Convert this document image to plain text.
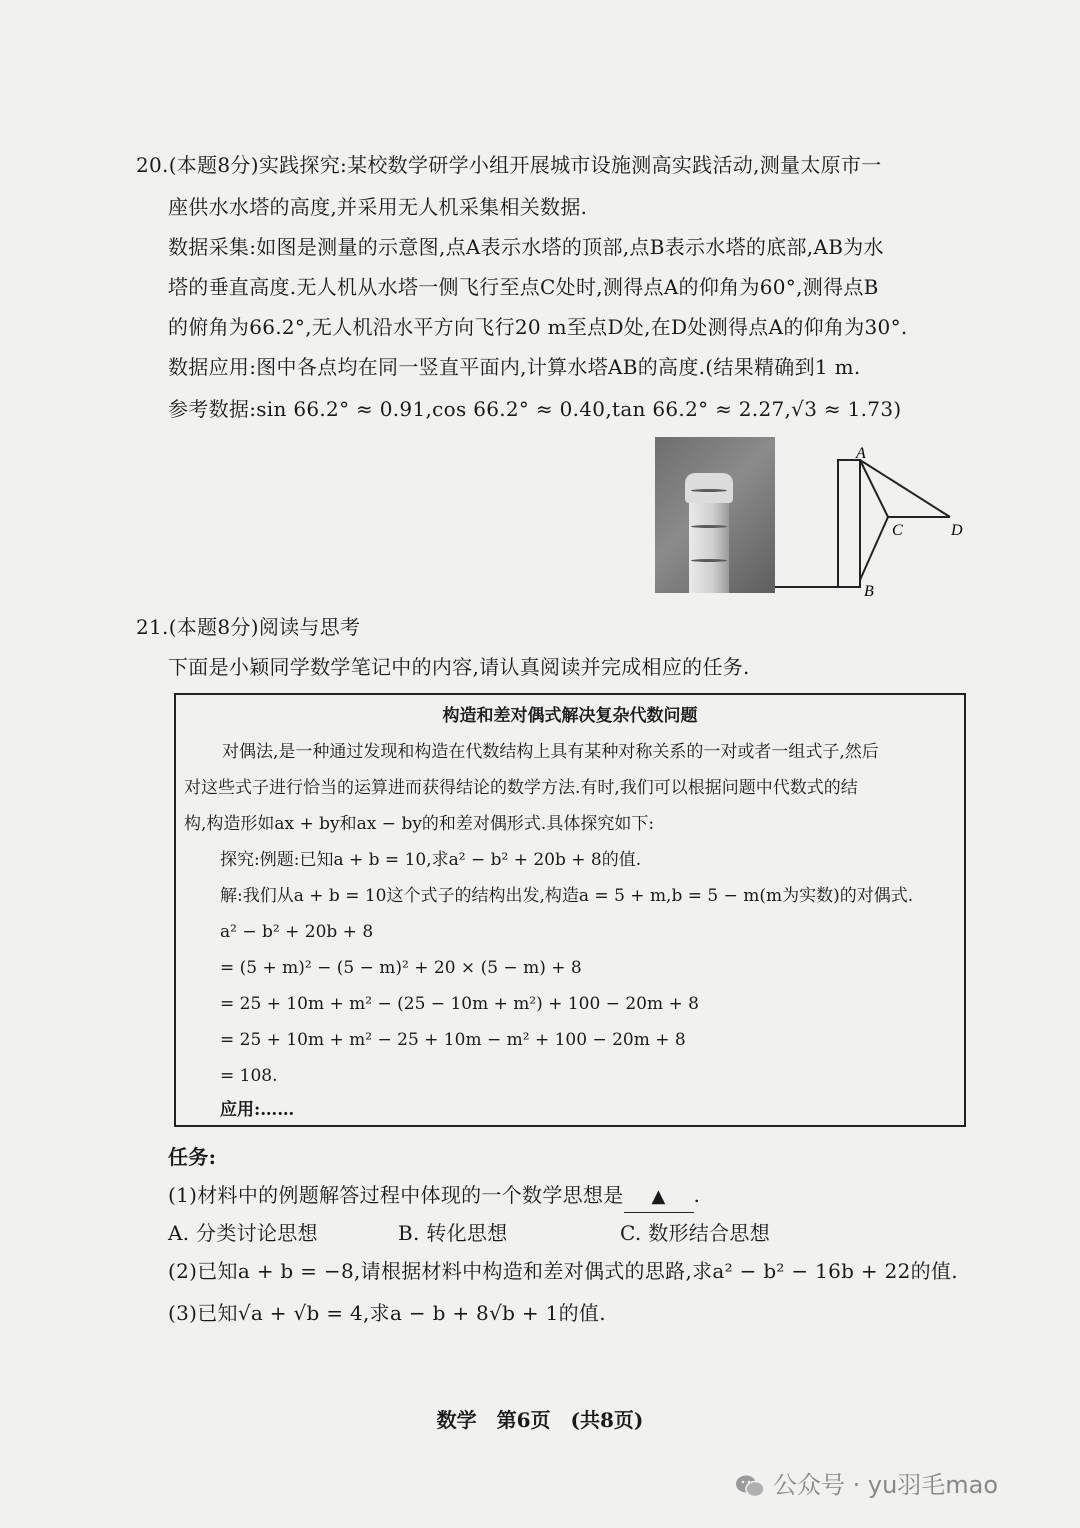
20.(本题8分)实践探究:某校数学研学小组开展城市设施测高实践活动,测量太原市一
座供水水塔的高度,并采用无人机采集相关数据.
数据采集:如图是测量的示意图,点A表示水塔的顶部,点B表示水塔的底部,AB为水
塔的垂直高度.无人机从水塔一侧飞行至点C处时,测得点A的仰角为60°,测得点B
的俯角为66.2°,无人机沿水平方向飞行20 m至点D处,在D处测得点A的仰角为30°.
数据应用:图中各点均在同一竖直平面内,计算水塔AB的高度.(结果精确到1 m.
参考数据:sin 66.2° ≈ 0.91,cos 66.2° ≈ 0.40,tan 66.2° ≈ 2.27,√3 ≈ 1.73)
A
B
C	D
21.(本题8分)阅读与思考
下面是小颖同学数学笔记中的内容,请认真阅读并完成相应的任务.
构造和差对偶式解决复杂代数问题
对偶法,是一种通过发现和构造在代数结构上具有某种对称关系的一对或者一组式子,然后
对这些式子进行恰当的运算进而获得结论的数学方法.有时,我们可以根据问题中代数式的结
构,构造形如ax + by和ax − by的和差对偶形式.具体探究如下:
探究:例题:已知a + b = 10,求a² − b² + 20b + 8的值.
解:我们从a + b = 10这个式子的结构出发,构造a = 5 + m,b = 5 − m(m为实数)的对偶式.
a² − b² + 20b + 8
= (5 + m)² − (5 − m)² + 20 × (5 − m) + 8
= 25 + 10m + m² − (25 − 10m + m²) + 100 − 20m + 8
= 25 + 10m + m² − 25 + 10m − m² + 100 − 20m + 8
= 108.
应用:……
任务:
(1)材料中的例题解答过程中体现的一个数学思想是 ▲ .
A. 分类讨论思想	B. 转化思想	C. 数形结合思想
(2)已知a + b = −8,请根据材料中构造和差对偶式的思路,求a² − b² − 16b + 22的值.
(3)已知√a + √b = 4,求a − b + 8√b + 1的值.
数学　第6页　(共8页)
公众号 · yu羽毛mao
